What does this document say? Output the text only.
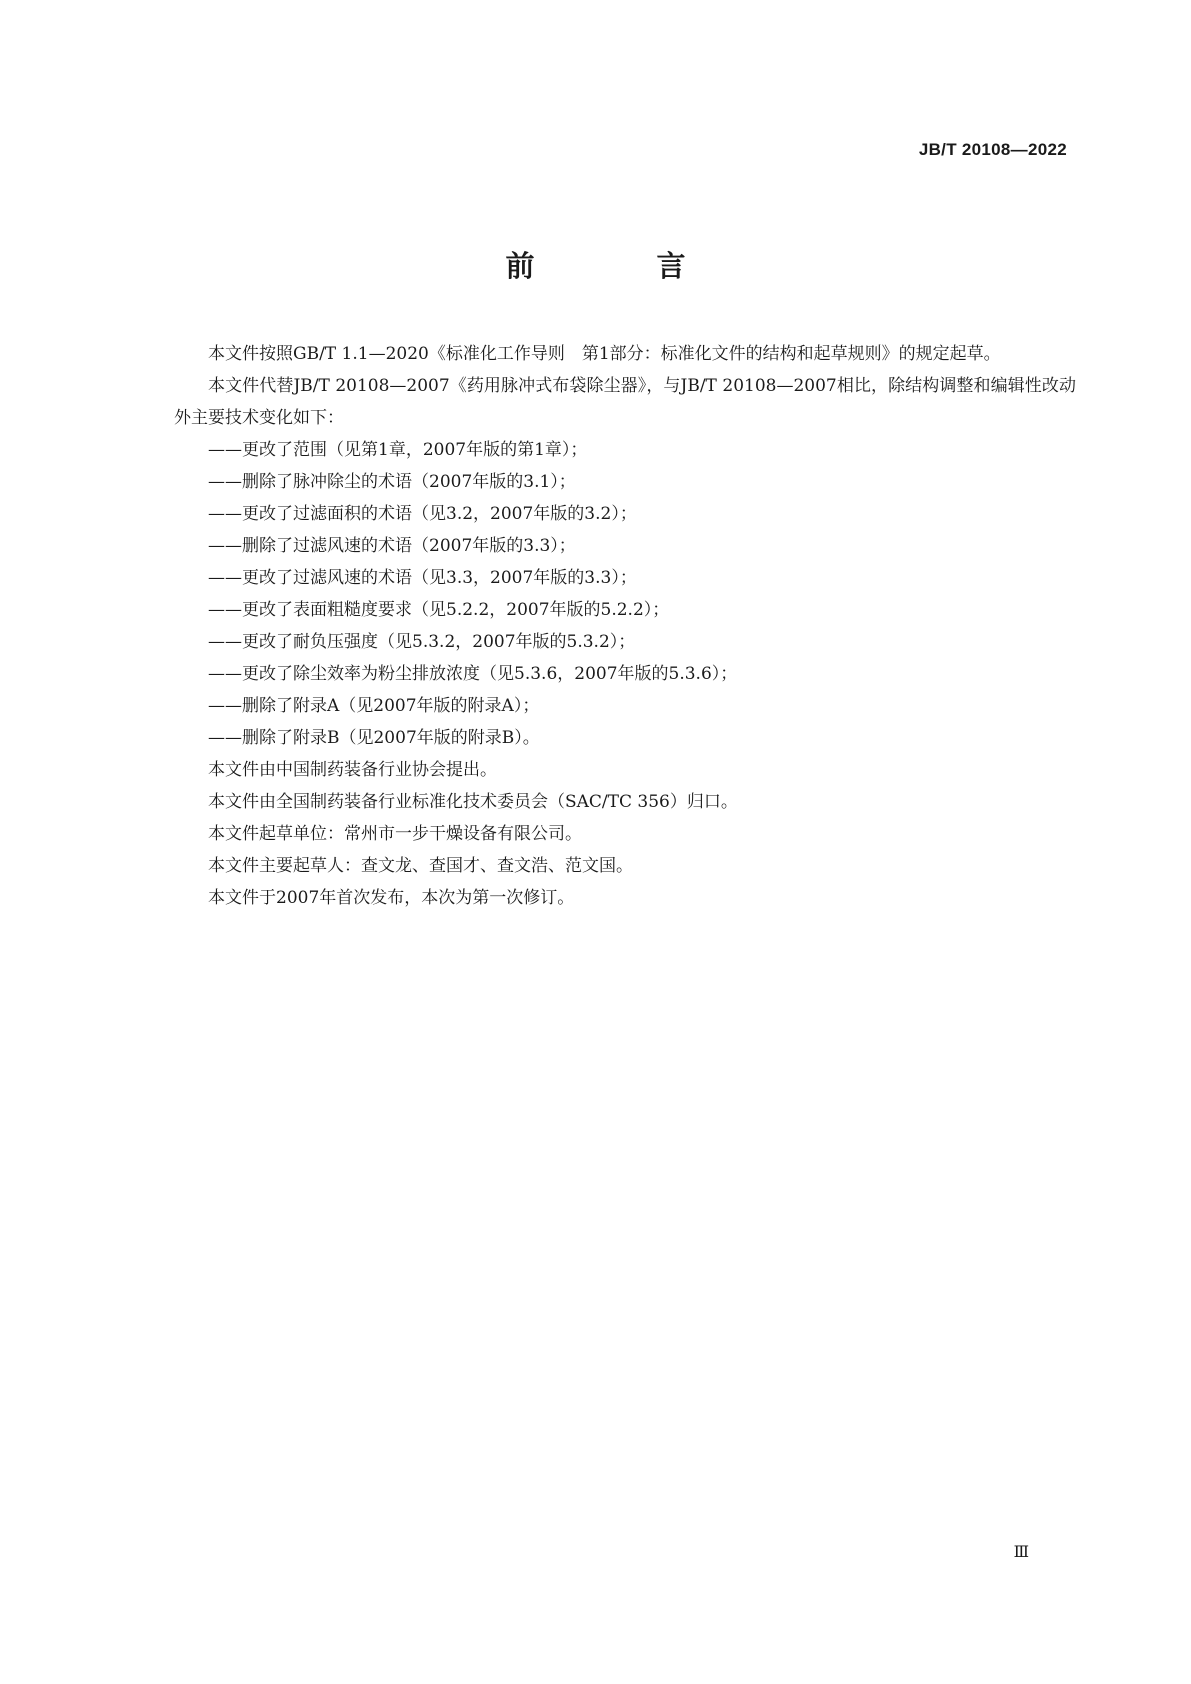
JB/T 20108—2022
前 言

本文件按照GB/T 1.1—2020《标准化工作导则　第1部分：标准化文件的结构和起草规则》的规定起草。

本文件代替JB/T 20108—2007《药用脉冲式布袋除尘器》，与JB/T 20108—2007相比，除结构调整和编辑性改动外主要技术变化如下：

——更改了范围（见第1章，2007年版的第1章）；

——删除了脉冲除尘的术语（2007年版的3.1）；

——更改了过滤面积的术语（见3.2，2007年版的3.2）；

——删除了过滤风速的术语（2007年版的3.3）；

——更改了过滤风速的术语（见3.3，2007年版的3.3）；

——更改了表面粗糙度要求（见5.2.2，2007年版的5.2.2）；

——更改了耐负压强度（见5.3.2，2007年版的5.3.2）；

——更改了除尘效率为粉尘排放浓度（见5.3.6，2007年版的5.3.6）；

——删除了附录A（见2007年版的附录A）；

——删除了附录B（见2007年版的附录B）。

本文件由中国制药装备行业协会提出。

本文件由全国制药装备行业标准化技术委员会（SAC/TC 356）归口。

本文件起草单位：常州市一步干燥设备有限公司。

本文件主要起草人：查文龙、查国才、查文浩、范文国。

本文件于2007年首次发布，本次为第一次修订。

Ⅲ
